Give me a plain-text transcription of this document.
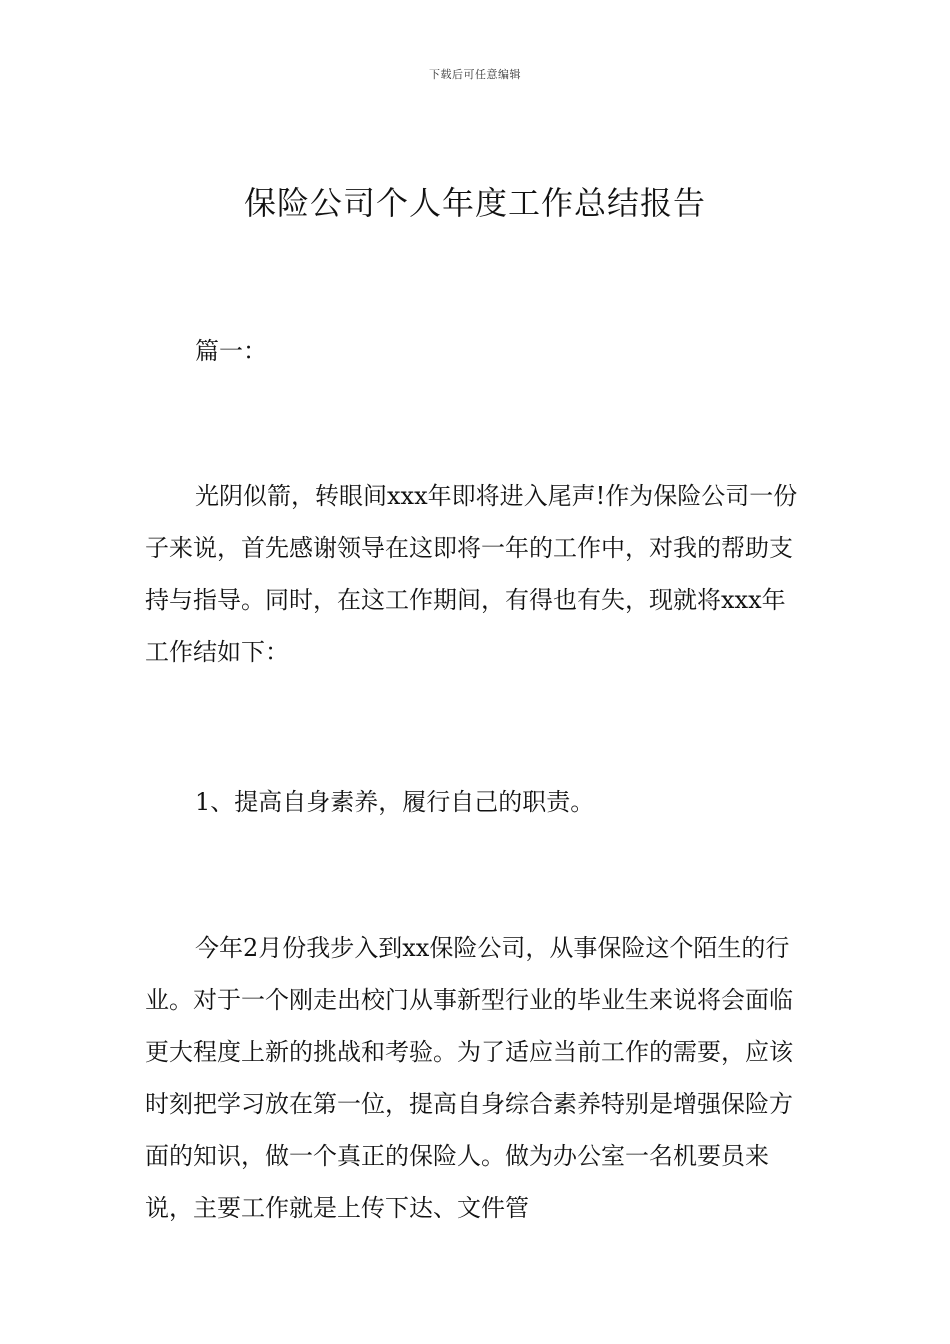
下载后可任意编辑
保险公司个人年度工作总结报告

篇一：

光阴似箭，转眼间xxx年即将进入尾声!作为保险公司一份子来说，首先感谢领导在这即将一年的工作中，对我的帮助支持与指导。同时，在这工作期间，有得也有失，现就将xxx年工作结如下：

1、提高自身素养，履行自己的职责。

今年2月份我步入到xx保险公司，从事保险这个陌生的行业。对于一个刚走出校门从事新型行业的毕业生来说将会面临更大程度上新的挑战和考验。为了适应当前工作的需要，应该时刻把学习放在第一位，提高自身综合素养特别是增强保险方面的知识，做一个真正的保险人。做为办公室一名机要员来说，主要工作就是上传下达、文件管
